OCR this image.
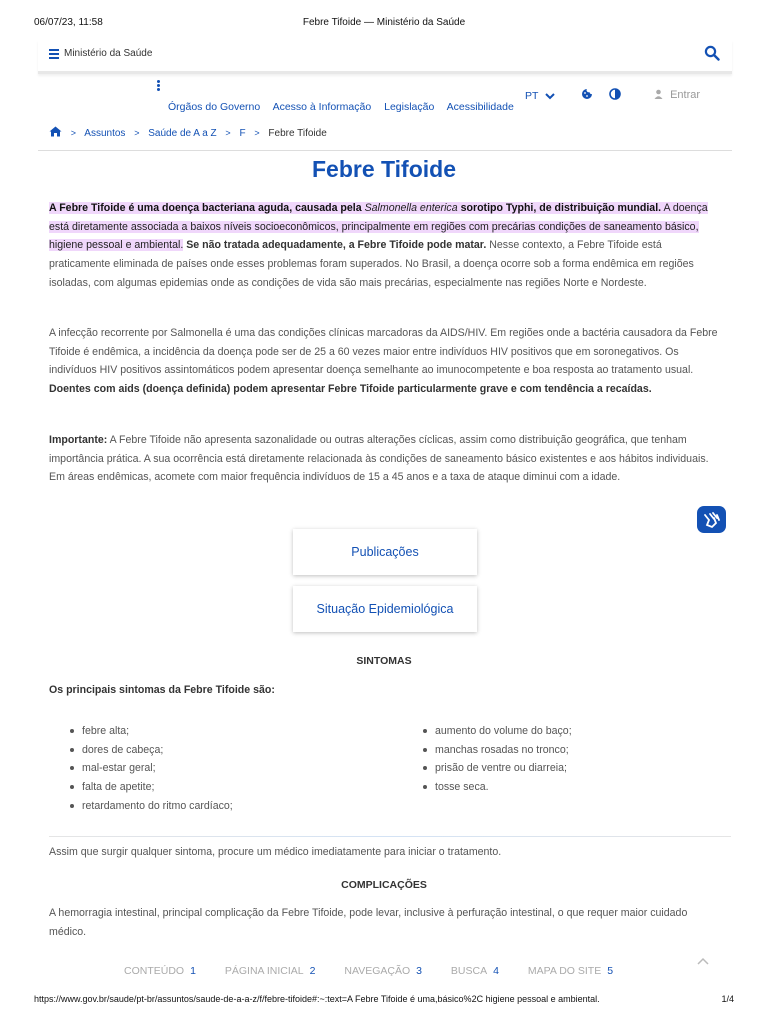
06/07/23, 11:58	Febre Tifoide — Ministério da Saúde
Ministério da Saúde
Órgãos do Governo Acesso à Informação Legislação Acessibilidade
PT	Entrar
> Assuntos > Saúde de A a Z > F > Febre Tifoide
Febre Tifoide

A Febre Tifoide é uma doença bacteriana aguda, causada pela Salmonella enterica sorotipo Typhi, de distribuição mundial. A doença está diretamente associada a baixos níveis socioeconômicos, principalmente em regiões com precárias condições de saneamento básico, higiene pessoal e ambiental. Se não tratada adequadamente, a Febre Tifoide pode matar. Nesse contexto, a Febre Tifoide está praticamente eliminada de países onde esses problemas foram superados. No Brasil, a doença ocorre sob a forma endêmica em regiões isoladas, com algumas epidemias onde as condições de vida são mais precárias, especialmente nas regiões Norte e Nordeste.

A infecção recorrente por Salmonella é uma das condições clínicas marcadoras da AIDS/HIV. Em regiões onde a bactéria causadora da Febre Tifoide é endêmica, a incidência da doença pode ser de 25 a 60 vezes maior entre indivíduos HIV positivos que em soronegativos. Os indivíduos HIV positivos assintomáticos podem apresentar doença semelhante ao imunocompetente e boa resposta ao tratamento usual. Doentes com aids (doença definida) podem apresentar Febre Tifoide particularmente grave e com tendência a recaídas.

Importante: A Febre Tifoide não apresenta sazonalidade ou outras alterações cíclicas, assim como distribuição geográfica, que tenham importância prática. A sua ocorrência está diretamente relacionada às condições de saneamento básico existentes e aos hábitos individuais. Em áreas endêmicas, acomete com maior frequência indivíduos de 15 a 45 anos e a taxa de ataque diminui com a idade.

Publicações
Situação Epidemiológica
SINTOMAS
Os principais sintomas da Febre Tifoide são:
febre alta;
dores de cabeça;
mal-estar geral;
falta de apetite;
retardamento do ritmo cardíaco;
aumento do volume do baço;
manchas rosadas no tronco;
prisão de ventre ou diarreia;
tosse seca.
Assim que surgir qualquer sintoma, procure um médico imediatamente para iniciar o tratamento.
COMPLICAÇÕES
A hemorragia intestinal, principal complicação da Febre Tifoide, pode levar, inclusive à perfuração intestinal, o que requer maior cuidado médico.
CONTEÚDO 1	PÁGINA INICIAL 2	NAVEGAÇÃO 3	BUSCA 4	MAPA DO SITE 5
https://www.gov.br/saude/pt-br/assuntos/saude-de-a-a-z/f/febre-tifoide#:~:text=A Febre Tifoide é uma,básico%2C higiene pessoal e ambiental.	1/4
